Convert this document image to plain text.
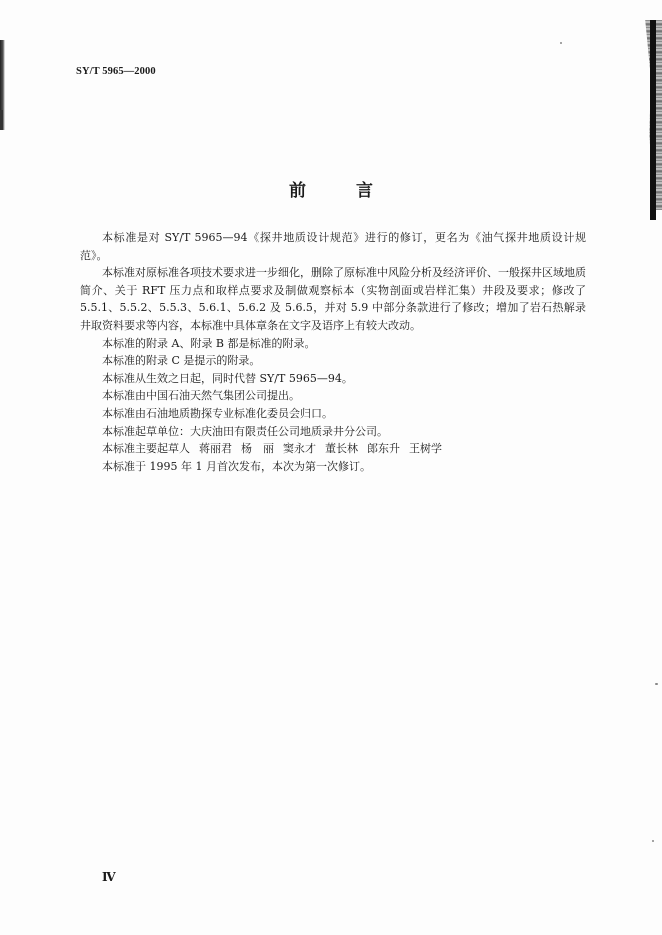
SY/T 5965—2000
前 言

本标准是对 SY/T 5965—94《探井地质设计规范》进行的修订，更名为《油气探井地质设计规范》。

本标准对原标准各项技术要求进一步细化，删除了原标准中风险分析及经济评价、一般探井区域地质简介、关于 RFT 压力点和取样点要求及制做观察标本（实物剖面或岩样汇集）井段及要求；修改了 5.5.1、5.5.2、5.5.3、5.6.1、5.6.2 及 5.6.5，并对 5.9 中部分条款进行了修改；增加了岩石热解录井取资料要求等内容，本标准中具体章条在文字及语序上有较大改动。

本标准的附录 A、附录 B 都是标准的附录。

本标准的附录 C 是提示的附录。

本标准从生效之日起，同时代替 SY/T 5965—94。

本标准由中国石油天然气集团公司提出。

本标准由石油地质勘探专业标准化委员会归口。

本标准起草单位：大庆油田有限责任公司地质录井分公司。

本标准主要起草人 蒋丽君 杨　丽 窦永才 董长林 郎东升 王树学

本标准于 1995 年 1 月首次发布，本次为第一次修订。

Ⅳ
